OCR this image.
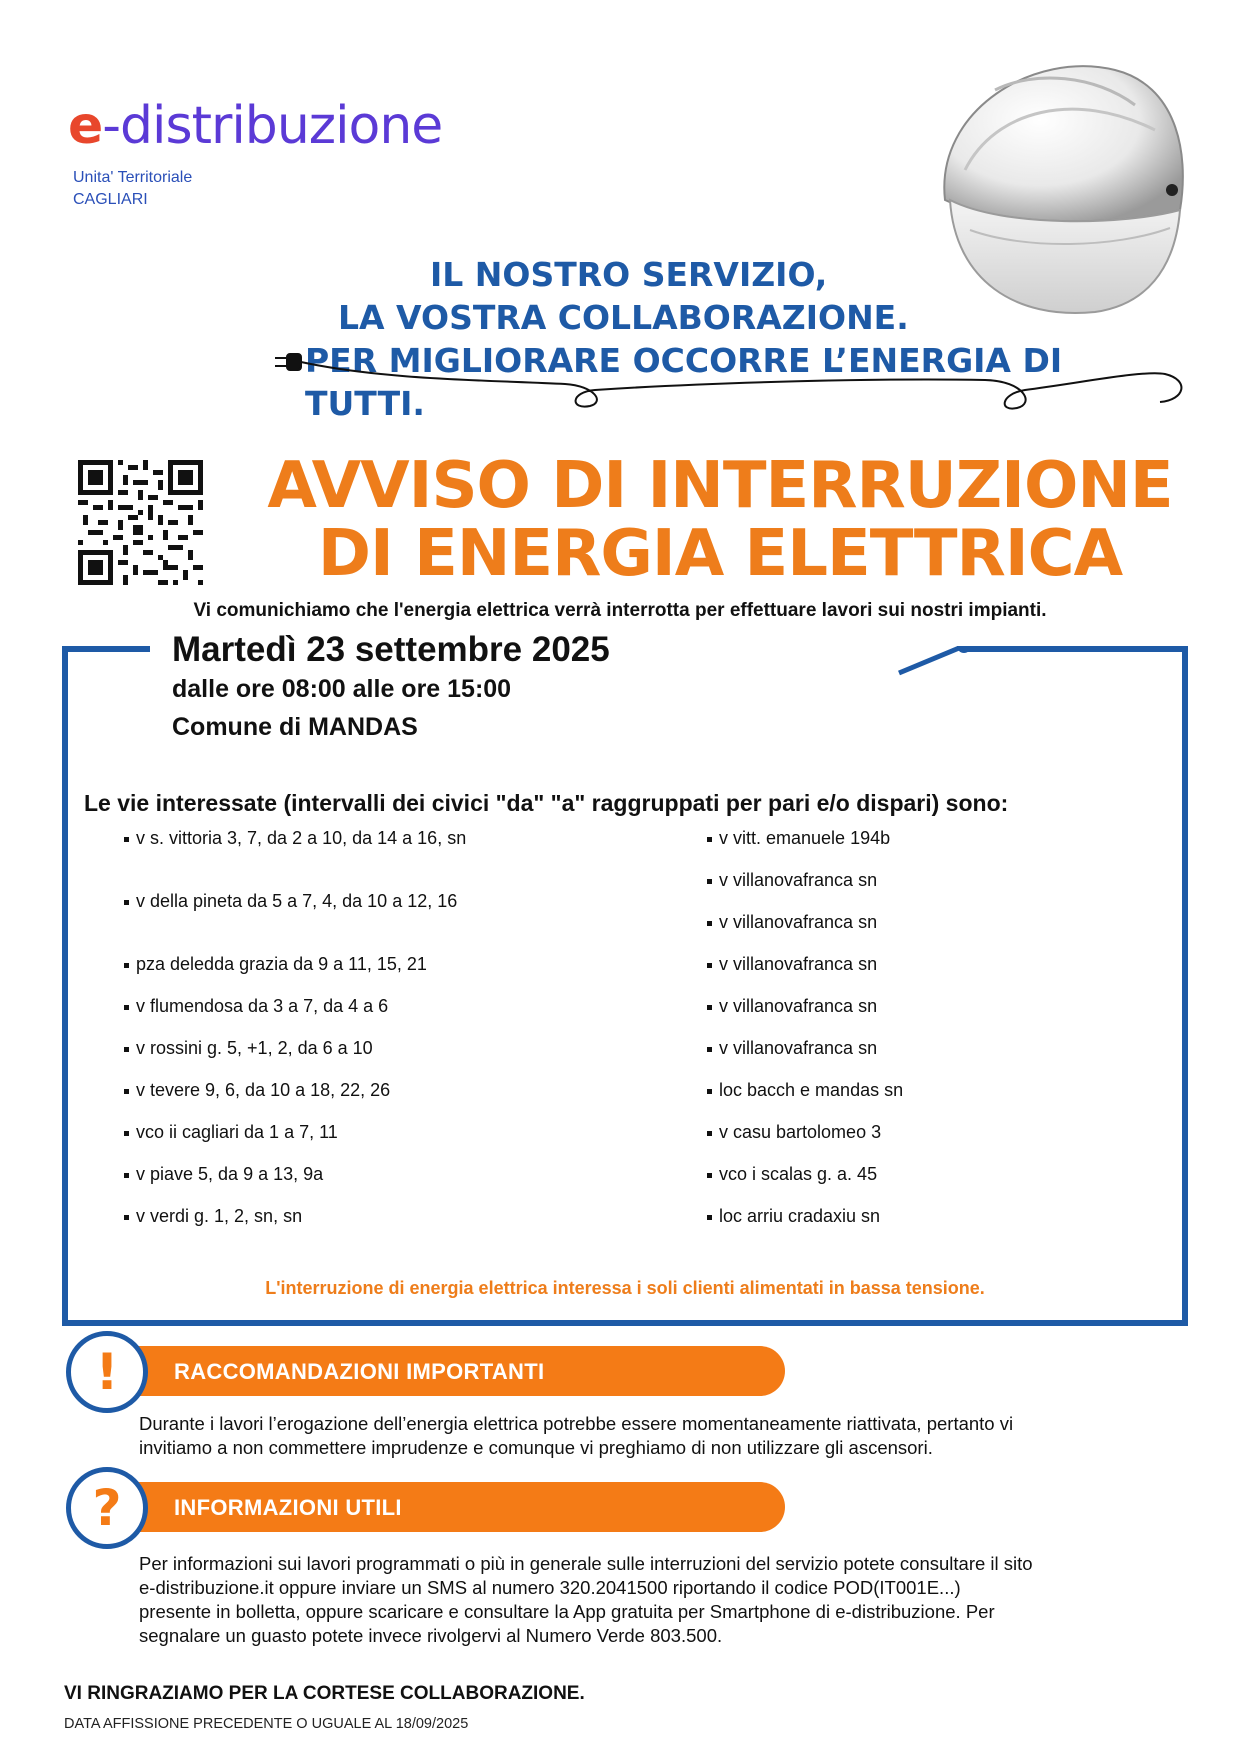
e-distribuzione
Unita' Territoriale
CAGLIARI
IL NOSTRO SERVIZIO,
LA VOSTRA COLLABORAZIONE.
PER MIGLIORARE OCCORRE L’ENERGIA DI TUTTI.
AVVISO DI INTERRUZIONE
DI ENERGIA ELETTRICA
Vi comunichiamo che l'energia elettrica verrà interrotta per effettuare lavori sui nostri impianti.
Martedì 23 settembre 2025
dalle ore 08:00 alle ore 15:00
Comune di MANDAS
Le vie interessate (intervalli dei civici "da" "a" raggruppati per pari e/o dispari) sono:
v s. vittoria 3, 7, da 2 a 10, da 14 a 16, sn
v della pineta da 5 a 7, 4, da 10 a 12, 16
pza deledda grazia da 9 a 11, 15, 21
v flumendosa da 3 a 7, da 4 a 6
v rossini g. 5, +1, 2, da 6 a 10
v tevere 9, 6, da 10 a 18, 22, 26
vco ii cagliari da 1 a 7, 11
v piave 5, da 9 a 13, 9a
v verdi g. 1, 2, sn, sn
v vitt. emanuele 194b
v villanovafranca sn
v villanovafranca sn
v villanovafranca sn
v villanovafranca sn
v villanovafranca sn
loc bacch e mandas sn
v casu bartolomeo 3
vco i scalas g. a. 45
loc arriu cradaxiu sn
L'interruzione di energia elettrica interessa i soli clienti alimentati in bassa tensione.
RACCOMANDAZIONI IMPORTANTI
!
Durante i lavori l’erogazione dell’energia elettrica potrebbe essere momentaneamente riattivata, pertanto vi
invitiamo a non commettere imprudenze e comunque vi preghiamo di non utilizzare gli ascensori.
INFORMAZIONI UTILI
?
Per informazioni sui lavori programmati o più in generale sulle interruzioni del servizio potete consultare il sito
e-distribuzione.it oppure inviare un SMS al numero 320.2041500 riportando il codice POD(IT001E...)
presente in bolletta, oppure scaricare e consultare la App gratuita per Smartphone di e-distribuzione. Per
segnalare un guasto potete invece rivolgervi al Numero Verde 803.500.
VI RINGRAZIAMO PER LA CORTESE COLLABORAZIONE.
DATA AFFISSIONE PRECEDENTE O UGUALE AL 18/09/2025
